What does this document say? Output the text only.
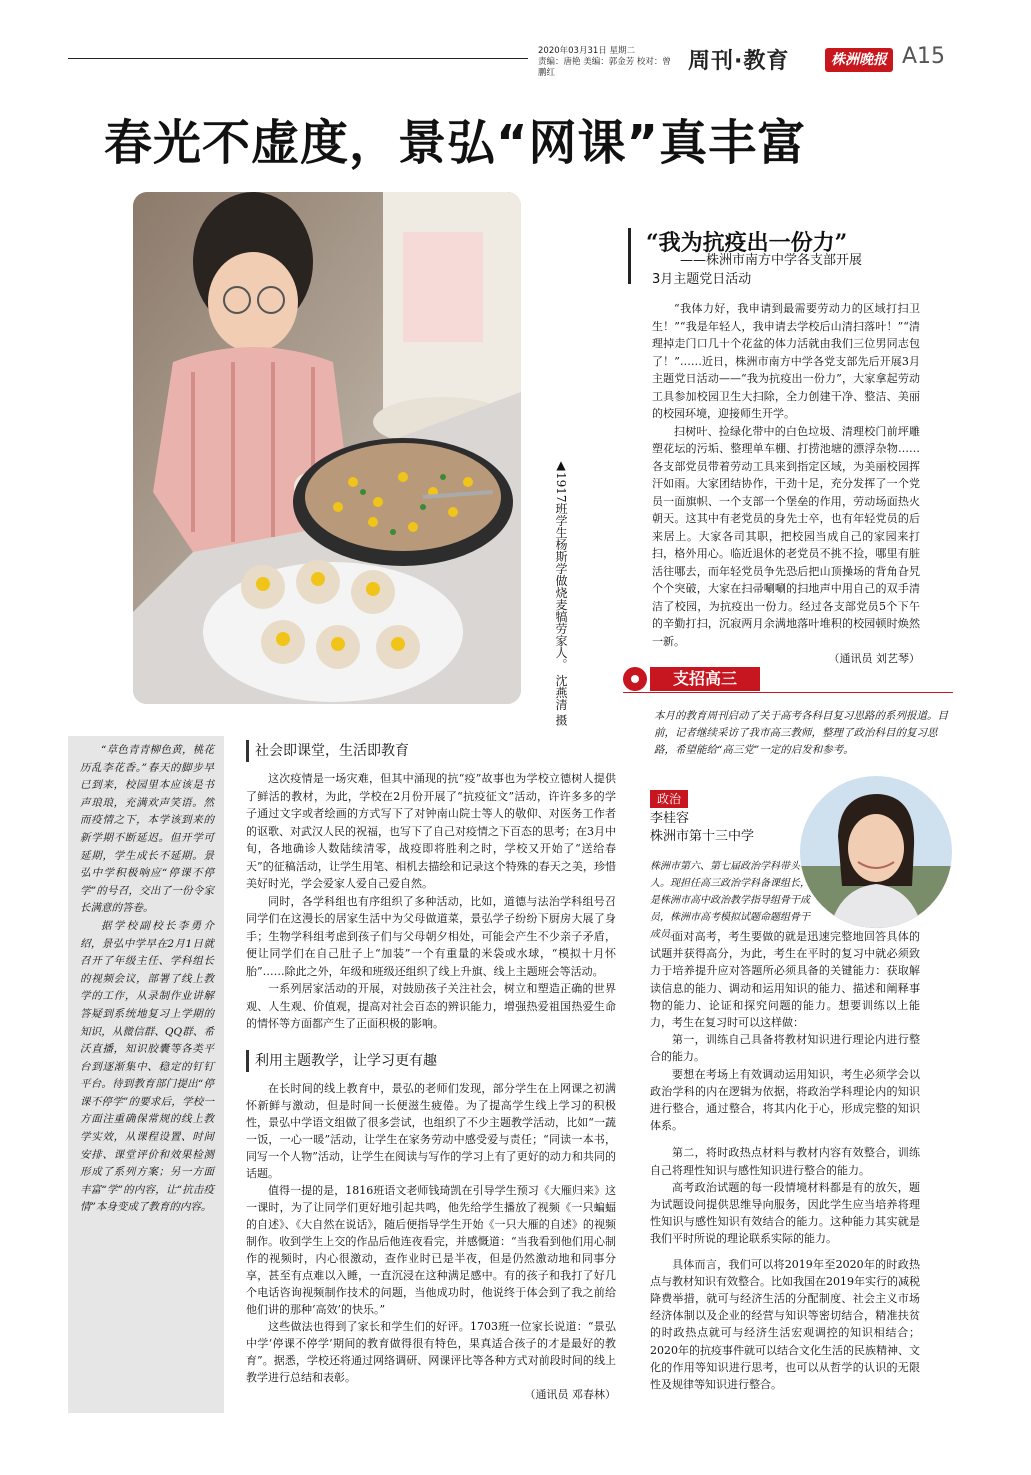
2020年03月31日 星期二
责编：唐艳 美编：郭金芳 校对：曾鹏红	周刊·教育	株洲晚报 A15
春光不虚度，景弘“网课”真丰富
▲1917班学生杨斯学做烧麦犒劳家人。 沈燕清 摄
“我为抗疫出一份力”
——株洲市南方中学各支部开展
3月主题党日活动

“我体力好，我申请到最需要劳动力的区域打扫卫生！”“我是年轻人，我申请去学校后山清扫落叶！”“清理掉走门口几十个花盆的体力活就由我们三位男同志包了！”……近日，株洲市南方中学各党支部先后开展3月主题党日活动——“我为抗疫出一份力”，大家拿起劳动工具参加校园卫生大扫除，全力创建干净、整洁、美丽的校园环境，迎接师生开学。

扫树叶、捡绿化带中的白色垃圾、清理校门前坪雕塑花坛的污垢、整理单车棚、打捞池塘的漂浮杂物……各支部党员带着劳动工具来到指定区域，为美丽校园挥汗如雨。大家团结协作，干劲十足，充分发挥了一个党员一面旗帜、一个支部一个堡垒的作用，劳动场面热火朝天。这其中有老党员的身先士卒，也有年轻党员的后来居上。大家各司其职，把校园当成自己的家园来打扫，格外用心。临近退休的老党员不挑不捡，哪里有脏活往哪去，而年轻党员争先恐后把山顶操场的背角旮旯个个突破，大家在扫帚唰唰的扫地声中用自己的双手清洁了校园，为抗疫出一份力。经过各支部党员5个下午的辛勤打扫，沉寂两月余满地落叶堆积的校园顿时焕然一新。

（通讯员 刘艺琴）
支招高三
本月的教育周刊启动了关于高考各科目复习思路的系列报道。目前，记者继续采访了我市高三教师，整理了政治科目的复习思路，希望能给“高三党”一定的启发和参考。
政治
李桂容
株洲市第十三中学
株洲市第六、第七届政治学科带头人。现担任高三政治学科备课组长，是株洲市高中政治教学指导组骨干成员，株洲市高考模拟试题命题组骨干成员。

面对高考，考生要做的就是迅速完整地回答具体的试题并获得高分，为此，考生在平时的复习中就必须致力于培养提升应对答题所必须具备的关键能力：获取解读信息的能力、调动和运用知识的能力、描述和阐释事物的能力、论证和探究问题的能力。想要训练以上能力，考生在复习时可以这样做：

第一，训练自己具备将教材知识进行理论内进行整合的能力。

要想在考场上有效调动运用知识，考生必须学会以政治学科的内在逻辑为依据，将政治学科理论内的知识进行整合，通过整合，将其内化于心，形成完整的知识体系。

第二，将时政热点材料与教材内容有效整合，训练自己将理性知识与感性知识进行整合的能力。

高考政治试题的每一段情境材料都是有的放矢，题为试题设问提供思维导向服务，因此学生应当培养将理性知识与感性知识有效结合的能力。这种能力其实就是我们平时所说的理论联系实际的能力。

具体而言，我们可以将2019年至2020年的时政热点与教材知识有效整合。比如我国在2019年实行的减税降费举措，就可与经济生活的分配制度、社会主义市场经济体制以及企业的经营与知识等密切结合，精准扶贫的时政热点就可与经济生活宏观调控的知识相结合；2020年的抗疫事件就可以结合文化生活的民族精神、文化的作用等知识进行思考，也可以从哲学的认识的无限性及规律等知识进行整合。

“草色青青柳色黄，桃花历乱李花香。”春天的脚步早已到来，校园里本应该是书声琅琅，充满欢声笑语。然而疫情之下，本学该到来的新学期不断延迟。但开学可延期，学生成长不延期。景弘中学积极响应“停课不停学”的号召，交出了一份令家长满意的答卷。

据学校副校长李勇介绍，景弘中学早在2月1日就召开了年级主任、学科组长的视频会议，部署了线上教学的工作，从录制作业讲解答疑到系统地复习上学期的知识，从微信群、QQ群、希沃直播，知识胶囊等各类平台到逐渐集中、稳定的钉钉平台。待到教育部门提出“停课不停学”的要求后，学校一方面注重确保常规的线上教学实效，从课程设置、时间安排、课堂评价和效果检测形成了系列方案；另一方面丰富“学”的内容，让“抗击疫情”本身变成了教育的内容。

社会即课堂，生活即教育

这次疫情是一场灾难，但其中涌现的抗“疫”故事也为学校立德树人提供了鲜活的教材，为此，学校在2月份开展了“抗疫征文”活动，许许多多的学子通过文字或者绘画的方式写下了对钟南山院士等人的敬仰、对医务工作者的讴歌、对武汉人民的祝福，也写下了自己对疫情之下百态的思考；在3月中旬，各地确诊人数陆续清零，战疫即将胜利之时，学校又开始了“送给春天”的征稿活动，让学生用笔、相机去描绘和记录这个特殊的春天之美，珍惜美好时光，学会爱家人爱自己爱自然。

同时，各学科组也有序组织了多种活动，比如，道德与法治学科组号召同学们在这漫长的居家生活中为父母做道菜，景弘学子纷纷下厨房大展了身手；生物学科组考虑到孩子们与父母朝夕相处，可能会产生不少亲子矛盾，便让同学们在自己肚子上“加装”一个有重量的米袋或水球，“模拟十月怀胎”……除此之外，年级和班级还组织了线上升旗、线上主题班会等活动。

一系列居家活动的开展，对鼓励孩子关注社会，树立和塑造正确的世界观、人生观、价值观，提高对社会百态的辨识能力，增强热爱祖国热爱生命的情怀等方面都产生了正面积极的影响。

利用主题教学，让学习更有趣

在长时间的线上教育中，景弘的老师们发现，部分学生在上网课之初满怀新鲜与激动，但是时间一长便滋生疲倦。为了提高学生线上学习的积极性，景弘中学语文组做了很多尝试，也组织了不少主题教学活动，比如“一蔬一饭，一心一暖”活动，让学生在家务劳动中感受爱与责任；“同读一本书，同写一个人物”活动，让学生在阅读与写作的学习上有了更好的动力和共同的话题。

值得一提的是，1816班语文老师钱琦凯在引导学生预习《大雁归来》这一课时，为了让同学们更好地引起共鸣，他先给学生播放了视频《一只蝙蝠的自述》、《大自然在说话》，随后便指导学生开始《一只大雁的自述》的视频制作。收到学生上交的作品后他连夜看完，并感慨道：“当我看到他们用心制作的视频时，内心很激动，查作业时已是半夜，但是仍然激动地和同事分享，甚至有点难以入睡，一直沉浸在这种满足感中。有的孩子和我打了好几个电话咨询视频制作技术的问题，当他成功时，他说终于体会到了我之前给他们讲的那种‘高效’的快乐。”

这些做法也得到了家长和学生们的好评。1703班一位家长说道：“景弘中学‘停课不停学’期间的教育做得很有特色，果真适合孩子的才是最好的教育”。据悉，学校还将通过网络调研、网课评比等各种方式对前段时间的线上教学进行总结和表彰。

（通讯员 邓春林）
